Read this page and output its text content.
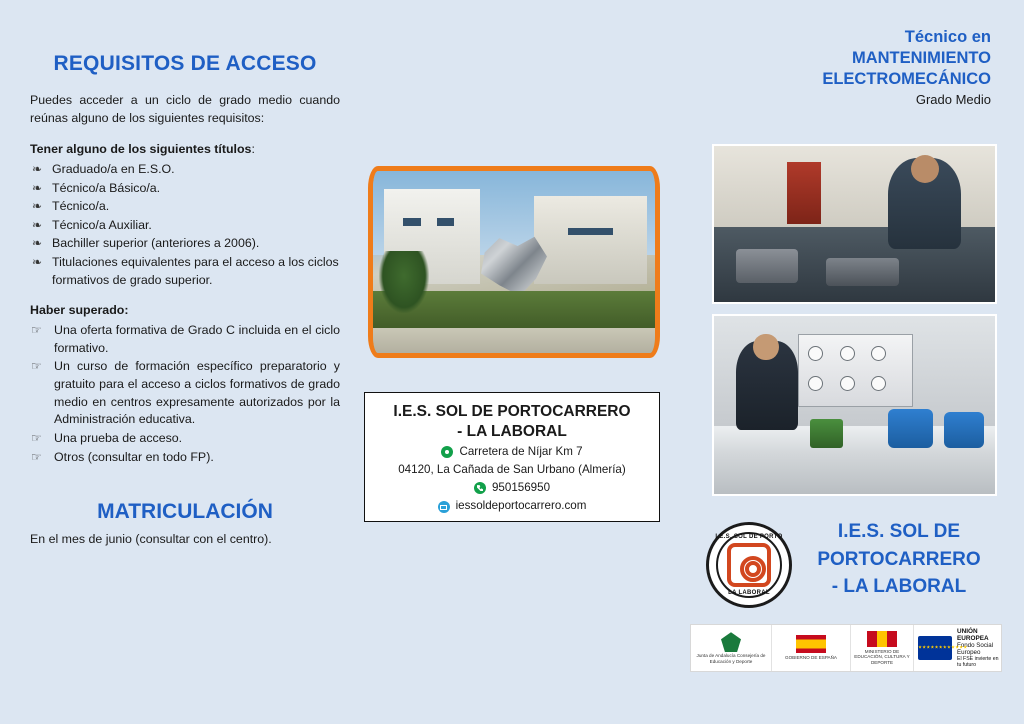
REQUISITOS DE ACCESO

Puedes acceder a un ciclo de grado medio cuando reúnas alguno de los siguientes requisitos:

Tener alguno de los siguientes títulos:
❧ Graduado/a en E.S.O.
❧ Técnico/a Básico/a.
❧ Técnico/a.
❧ Técnico/a Auxiliar.
❧ Bachiller superior (anteriores a 2006).
❧ Titulaciones equivalentes para el acceso a los ciclos formativos de grado superior.
Haber superado:
☞ Una oferta formativa de Grado C incluida en el ciclo formativo.
☞ Un curso de formación específico preparatorio y gratuito para el acceso a ciclos formativos de grado medio en centros expresamente autorizados por la Administración educativa.
☞ Una prueba de acceso.
☞ Otros (consultar en todo FP).
MATRICULACIÓN

En el mes de junio (consultar con el centro).

Técnico en
MANTENIMIENTO
ELECTROMECÁNICO
Grado Medio
I.E.S. SOL DE PORTOCARRERO
- LA LABORAL
Carretera de Níjar Km 7
04120, La Cañada de San Urbano (Almería)
950156950
iessoldeportocarrero.com
I.E.S. SOL DE PORTO
LA LABORAL
I.E.S. SOL DE
PORTOCARRERO
- LA LABORAL
Junta de Andalucía Consejería de Educación y Deporte
GOBIERNO DE ESPAÑA
MINISTERIO DE EDUCACIÓN, CULTURA Y DEPORTE
★★★★★★★★★★★★
UNIÓN EUROPEA
Fondo Social Europeo
El FSE invierte en tu futuro
